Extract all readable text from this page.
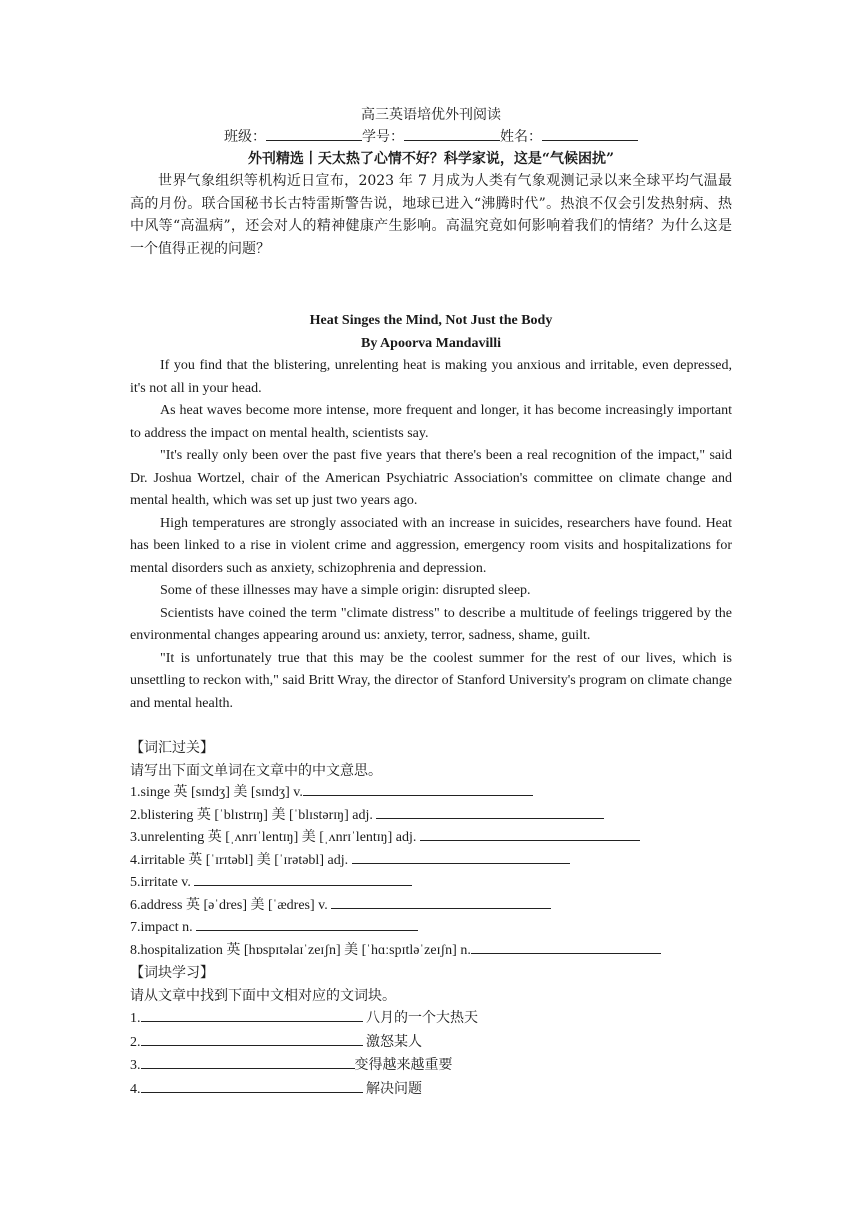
高三英语培优外刊阅读
班级：	学号：	姓名：
外刊精选丨天太热了心情不好？科学家说，这是“气候困扰”

世界气象组织等机构近日宣布，2023 年 7 月成为人类有气象观测记录以来全球平均气温最高的月份。联合国秘书长古特雷斯警告说，地球已进入“沸腾时代”。热浪不仅会引发热射病、热中风等“高温病”，还会对人的精神健康产生影响。高温究竟如何影响着我们的情绪？为什么这是一个值得正视的问题？

Heat Singes the Mind, Not Just the Body
By Apoorva Mandavilli

If you find that the blistering, unrelenting heat is making you anxious and irritable, even depressed, it's not all in your head.

As heat waves become more intense, more frequent and longer, it has become increasingly important to address the impact on mental health, scientists say.

"It's really only been over the past five years that there's been a real recognition of the impact," said Dr. Joshua Wortzel, chair of the American Psychiatric Association's committee on climate change and mental health, which was set up just two years ago.

High temperatures are strongly associated with an increase in suicides, researchers have found. Heat has been linked to a rise in violent crime and aggression, emergency room visits and hospitalizations for mental disorders such as anxiety, schizophrenia and depression.

Some of these illnesses may have a simple origin: disrupted sleep.

Scientists have coined the term "climate distress" to describe a multitude of feelings triggered by the environmental changes appearing around us: anxiety, terror, sadness, shame, guilt.

"It is unfortunately true that this may be the coolest summer for the rest of our lives, which is unsettling to reckon with," said Britt Wray, the director of Stanford University's program on climate change and mental health.

【词汇过关】
请写出下面文单词在文章中的中文意思。
1.singe 英 [sɪndʒ] 美 [sɪndʒ] v.
2.blistering 英 [ˈblɪstrɪŋ] 美 [ˈblɪstərɪŋ] adj.
3.unrelenting 英 [ˌʌnrɪˈlentɪŋ] 美 [ˌʌnrɪˈlentɪŋ] adj.
4.irritable 英 [ˈɪrɪtəbl] 美 [ˈɪrətəbl] adj.
5.irritate v.
6.address 英 [əˈdres] 美 [ˈædres] v.
7.impact n.
8.hospitalization 英 [hɒspɪtəlaɪˈzeɪʃn] 美 [ˈhɑːspɪtləˈzeɪʃn] n.
【词块学习】
请从文章中找到下面中文相对应的文词块。
1.	八月的一个大热天
2.	激怒某人
3.	变得越来越重要
4.	解决问题
